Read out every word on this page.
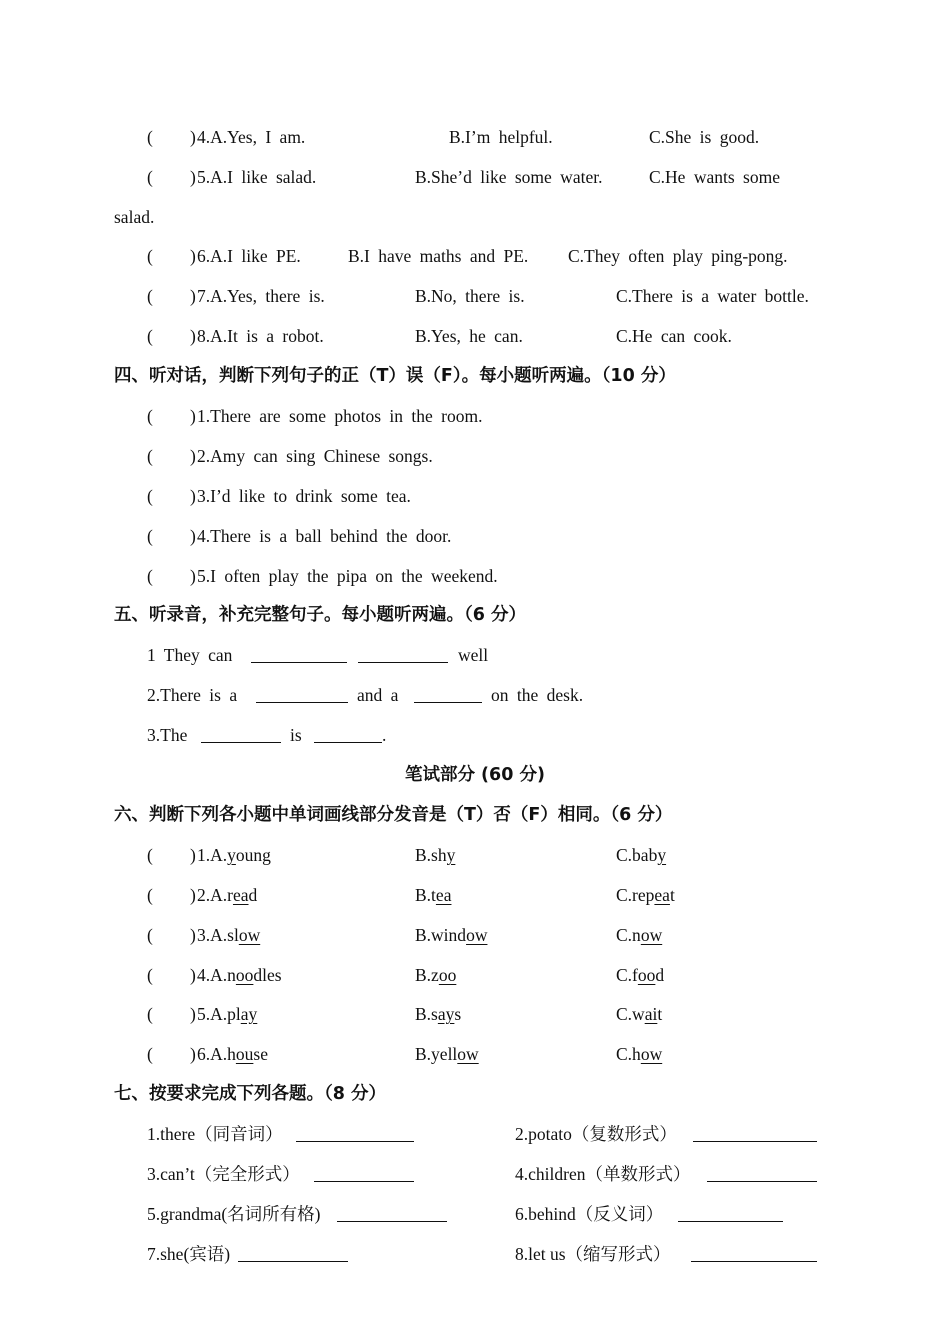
( ) 4.A.Yes, I am.	B.I’m helpful.	C.She is good.
( ) 5.A.I like salad.	B.She’d like some water.	C.He wants some
salad.
( ) 6.A.I like PE.	B.I have maths and PE. C.They often play ping-pong.
( ) 7.A.Yes, there is.	B.No, there is.	C.There is a water bottle.
( ) 8.A.It is a robot.	B.Yes, he can.	C.He can cook.
四、听对话，判断下列句子的正（T）误（F）。每小题听两遍。（10 分）
( ) 1.There are some photos in the room.
( ) 2.Amy can sing Chinese songs.
( ) 3.I’d like to drink some tea.
( ) 4.There is a ball behind the door.
( ) 5.I often play the pipa on the weekend.
五、听录音，补充完整句子。每小题听两遍。（6 分）
1 They can	well
2.There is a	and a	on the desk.
3.The	is	.
笔试部分 (60 分)
六、判断下列各小题中单词画线部分发音是（T）否（F）相同。（6 分）
( ) 1.A.young	B.shy	C.baby
( ) 2.A.read	B.tea	C.repeat
( ) 3.A.slow	B.window	C.now
( ) 4.A.noodles	B.zoo	C.food
( ) 5.A.play	B.says	C.wait
( ) 6.A.house	B.yellow	C.how
七、按要求完成下列各题。（8 分）
1.there（同音词）	2.potato（复数形式）
3.can’t（完全形式）	4.children（单数形式）
5.grandma(名词所有格)	6.behind（反义词）
7.she(宾语)	8.let us（缩写形式）
